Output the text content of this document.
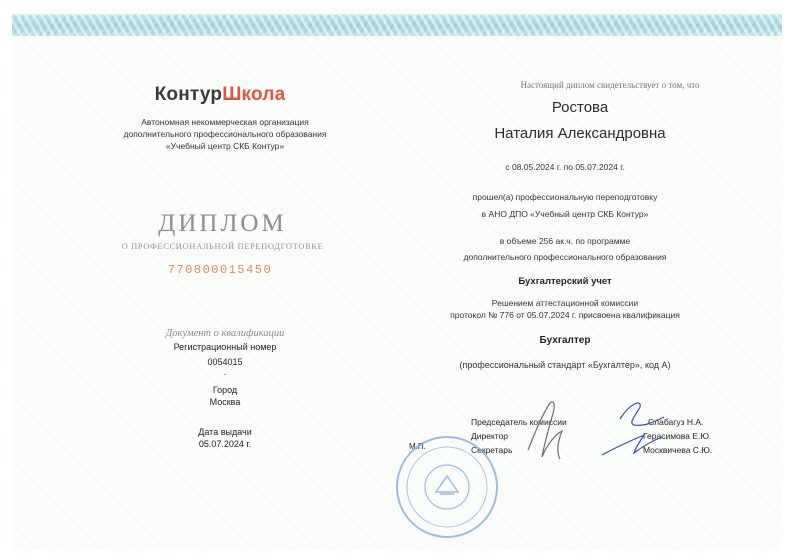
КонтурШкола
Автономная некоммерческая организация
дополнительного профессионального образования
«Учебный центр СКБ Контур»
ДИПЛОМ
О ПРОФЕССИОНАЛЬНОЙ ПЕРЕПОДГОТОВКЕ
770800015450
Документ о квалификации
Регистрационный номер
0054015
-
Город
Москва
Дата выдачи
05.07.2024 г.
Настоящий диплом свидетельствует о том, что
Ростова
Наталия Александровна
с 08.05.2024 г. по 05.07.2024 г.
прошел(а) профессиональную переподготовку
в АНО ДПО «Учебный центр СКБ Контур»
в объеме 256 ак.ч. по программе
дополнительного профессионального образования
Бухгалтерский учет
Решением аттестационной комиссии
протокол № 776 от 05.07.2024 г. присвоена квалификация
Бухгалтер
(профессиональный стандарт «Бухгалтер», код А)
Председатель комиссии
Директор
Секретарь
Слабагуз Н.А.
Герасимова Е.Ю.
Москвичева С.Ю.
М.П.
